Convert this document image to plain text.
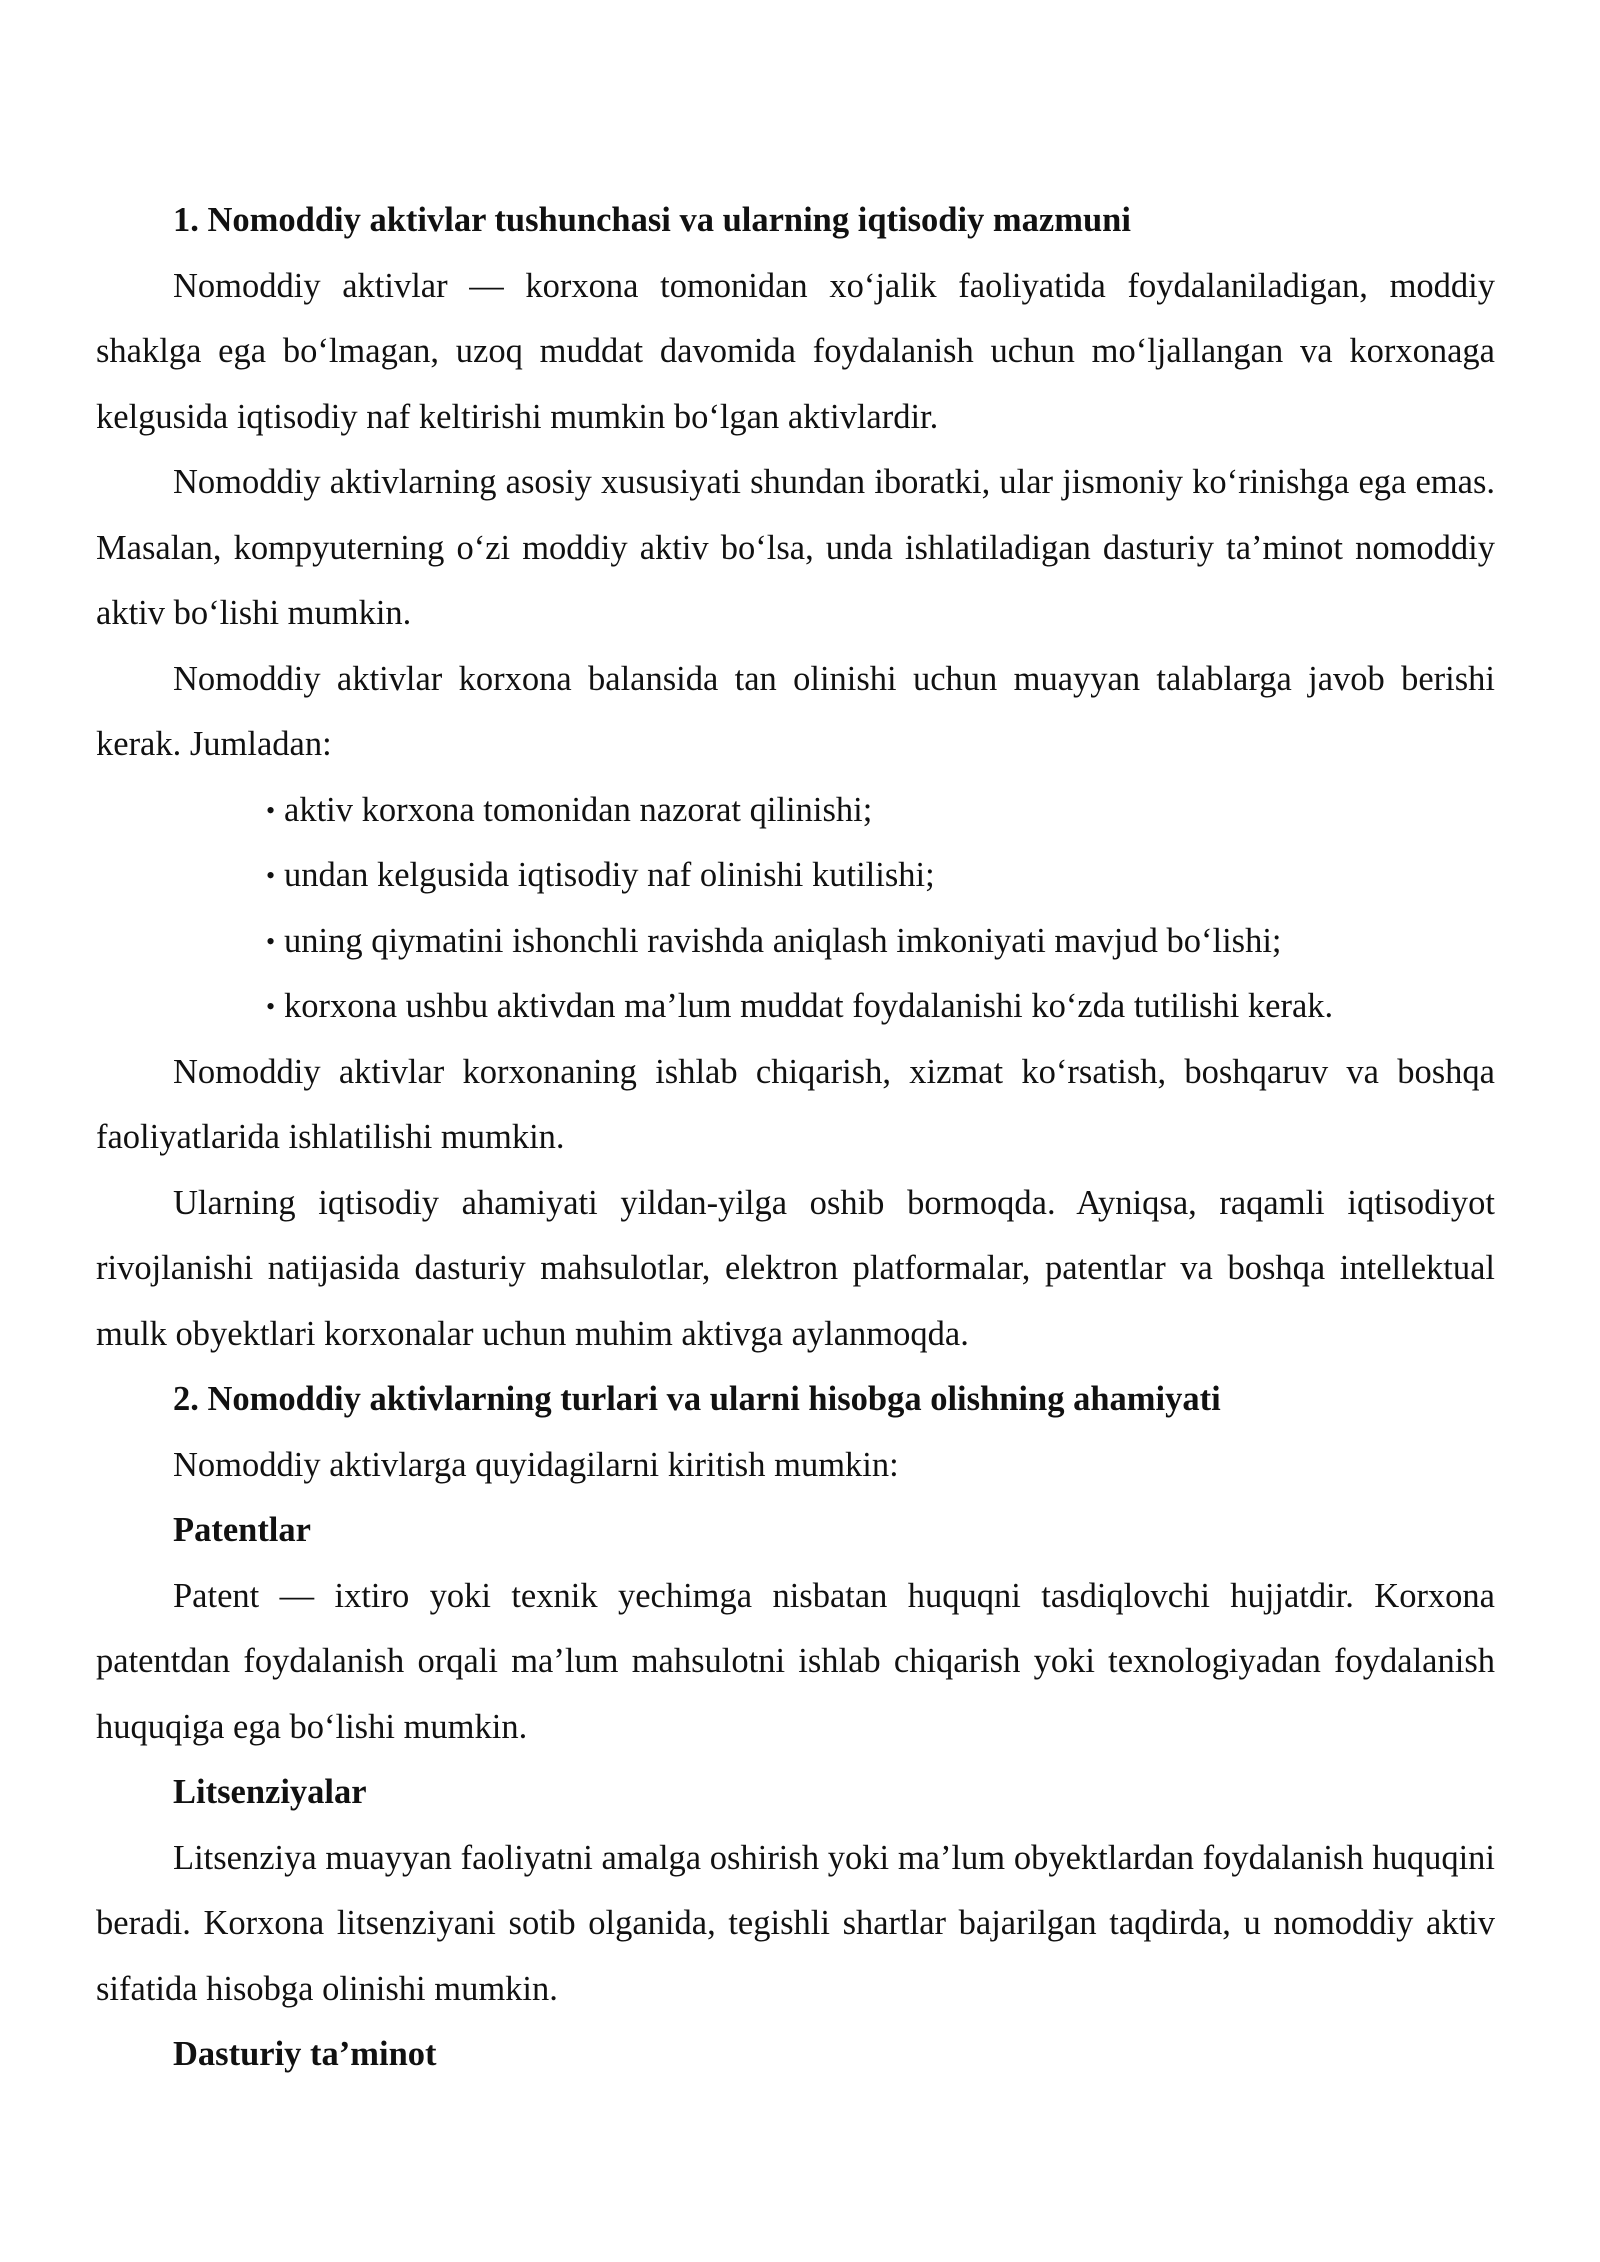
1. Nomoddiy aktivlar tushunchasi va ularning iqtisodiy mazmuni

Nomoddiy aktivlar — korxona tomonidan xo‘jalik faoliyatida foydalaniladigan, moddiy shaklga ega bo‘lmagan, uzoq muddat davomida foydalanish uchun mo‘ljallangan va korxonaga kelgusida iqtisodiy naf keltirishi mumkin bo‘lgan aktivlardir.

Nomoddiy aktivlarning asosiy xususiyati shundan iboratki, ular jismoniy ko‘rinishga ega emas. Masalan, kompyuterning o‘zi moddiy aktiv bo‘lsa, unda ishlatiladigan dasturiy ta’minot nomoddiy aktiv bo‘lishi mumkin.

Nomoddiy aktivlar korxona balansida tan olinishi uchun muayyan talablarga javob berishi kerak. Jumladan:

• aktiv korxona tomonidan nazorat qilinishi;
• undan kelgusida iqtisodiy naf olinishi kutilishi;
• uning qiymatini ishonchli ravishda aniqlash imkoniyati mavjud bo‘lishi;
• korxona ushbu aktivdan ma’lum muddat foydalanishi ko‘zda tutilishi kerak.

Nomoddiy aktivlar korxonaning ishlab chiqarish, xizmat ko‘rsatish, boshqaruv va boshqa faoliyatlarida ishlatilishi mumkin.

Ularning iqtisodiy ahamiyati yildan-yilga oshib bormoqda. Ayniqsa, raqamli iqtisodiyot rivojlanishi natijasida dasturiy mahsulotlar, elektron platformalar, patentlar va boshqa intellektual mulk obyektlari korxonalar uchun muhim aktivga aylanmoqda.

2. Nomoddiy aktivlarning turlari va ularni hisobga olishning ahamiyati

Nomoddiy aktivlarga quyidagilarni kiritish mumkin:

Patentlar

Patent — ixtiro yoki texnik yechimga nisbatan huquqni tasdiqlovchi hujjatdir. Korxona patentdan foydalanish orqali ma’lum mahsulotni ishlab chiqarish yoki texnologiyadan foydalanish huquqiga ega bo‘lishi mumkin.

Litsenziyalar

Litsenziya muayyan faoliyatni amalga oshirish yoki ma’lum obyektlardan foydalanish huquqini beradi. Korxona litsenziyani sotib olganida, tegishli shartlar bajarilgan taqdirda, u nomoddiy aktiv sifatida hisobga olinishi mumkin.

Dasturiy ta’minot
